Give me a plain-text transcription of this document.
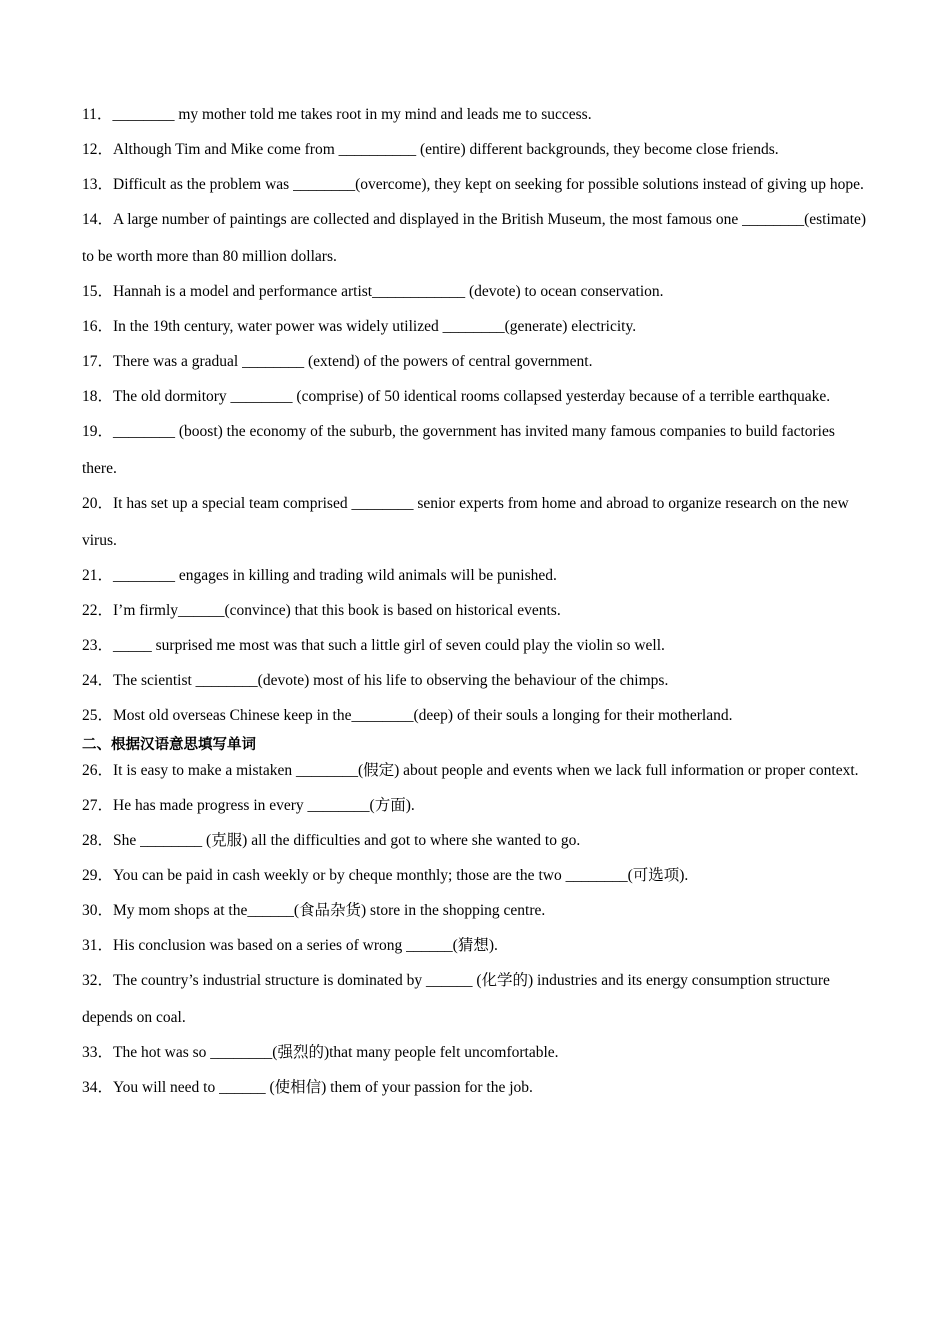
11．________ my mother told me takes root in my mind and leads me to success.

12．Although Tim and Mike come from __________ (entire) different backgrounds, they become close friends.

13．Difficult as the problem was ________(overcome), they kept on seeking for possible solutions instead of giving up hope.

14．A large number of paintings are collected and displayed in the British Museum, the most famous one ________(estimate) to be worth more than 80 million dollars.

15．Hannah is a model and performance artist____________ (devote) to ocean conservation.

16．In the 19th century, water power was widely utilized ________(generate) electricity.

17．There was a gradual ________ (extend) of the powers of central government.

18．The old dormitory ________ (comprise) of 50 identical rooms collapsed yesterday because of a terrible earthquake.

19．________ (boost) the economy of the suburb, the government has invited many famous companies to build factories there.

20．It has set up a special team comprised ________ senior experts from home and abroad to organize research on the new virus.

21．________ engages in killing and trading wild animals will be punished.

22．I’m firmly______(convince) that this book is based on historical events.

23．_____ surprised me most was that such a little girl of seven could play the violin so well.

24．The scientist ________(devote) most of his life to observing the behaviour of the chimps.

25．Most old overseas Chinese keep in the________(deep) of their souls a longing for their motherland.

二、根据汉语意思填写单词

26．It is easy to make a mistaken ________(假定) about people and events when we lack full information or proper context.

27．He has made progress in every ________(方面).

28．She ________ (克服) all the difficulties and got to where she wanted to go.

29．You can be paid in cash weekly or by cheque monthly; those are the two ________(可选项).

30．My mom shops at the______(食品杂货) store in the shopping centre.

31．His conclusion was based on a series of wrong ______(猜想).

32．The country’s industrial structure is dominated by ______ (化学的) industries and its energy consumption structure depends on coal.

33．The hot was so ________(强烈的)that many people felt uncomfortable.

34．You will need to ______ (使相信) them of your passion for the job.
